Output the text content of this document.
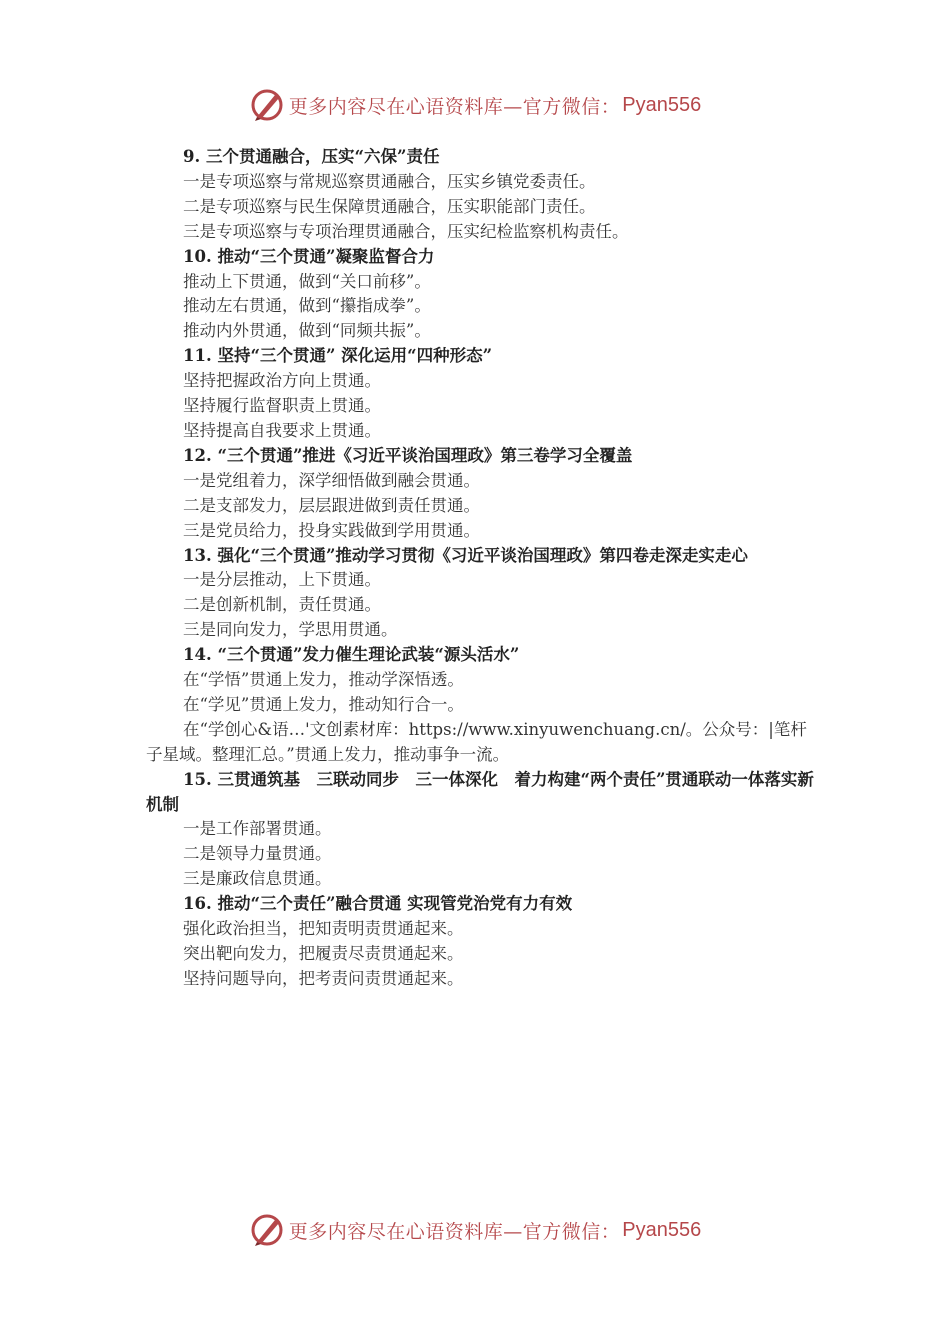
更多内容尽在心语资料库—官方微信： Pyan556

9. 三个贯通融合，压实“六保”责任

一是专项巡察与常规巡察贯通融合，压实乡镇党委责任。

二是专项巡察与民生保障贯通融合，压实职能部门责任。

三是专项巡察与专项治理贯通融合，压实纪检监察机构责任。

10. 推动“三个贯通”凝聚监督合力

推动上下贯通，做到“关口前移”。

推动左右贯通，做到“攥指成拳”。

推动内外贯通，做到“同频共振”。

11. 坚持“三个贯通” 深化运用“四种形态”

坚持把握政治方向上贯通。

坚持履行监督职责上贯通。

坚持提高自我要求上贯通。

12. “三个贯通”推进《习近平谈治国理政》第三卷学习全覆盖

一是党组着力，深学细悟做到融会贯通。

二是支部发力，层层跟进做到责任贯通。

三是党员给力，投身实践做到学用贯通。

13. 强化“三个贯通”推动学习贯彻《习近平谈治国理政》第四卷走深走实走心

一是分层推动，上下贯通。

二是创新机制，责任贯通。

三是同向发力，学思用贯通。

14. “三个贯通”发力催生理论武装“源头活水”

在“学悟”贯通上发力，推动学深悟透。

在“学见”贯通上发力，推动知行合一。

在“学创心&语…'文创素材库：https://www.xinyuwenchuang.cn/。公众号：|笔杆子星域。整理汇总。”贯通上发力，推动事争一流。

15. 三贯通筑基　三联动同步　三一体深化　着力构建“两个责任”贯通联动一体落实新机制

一是工作部署贯通。

二是领导力量贯通。

三是廉政信息贯通。

16. 推动“三个责任”融合贯通 实现管党治党有力有效

强化政治担当，把知责明责贯通起来。

突出靶向发力，把履责尽责贯通起来。

坚持问题导向，把考责问责贯通起来。

更多内容尽在心语资料库—官方微信： Pyan556
